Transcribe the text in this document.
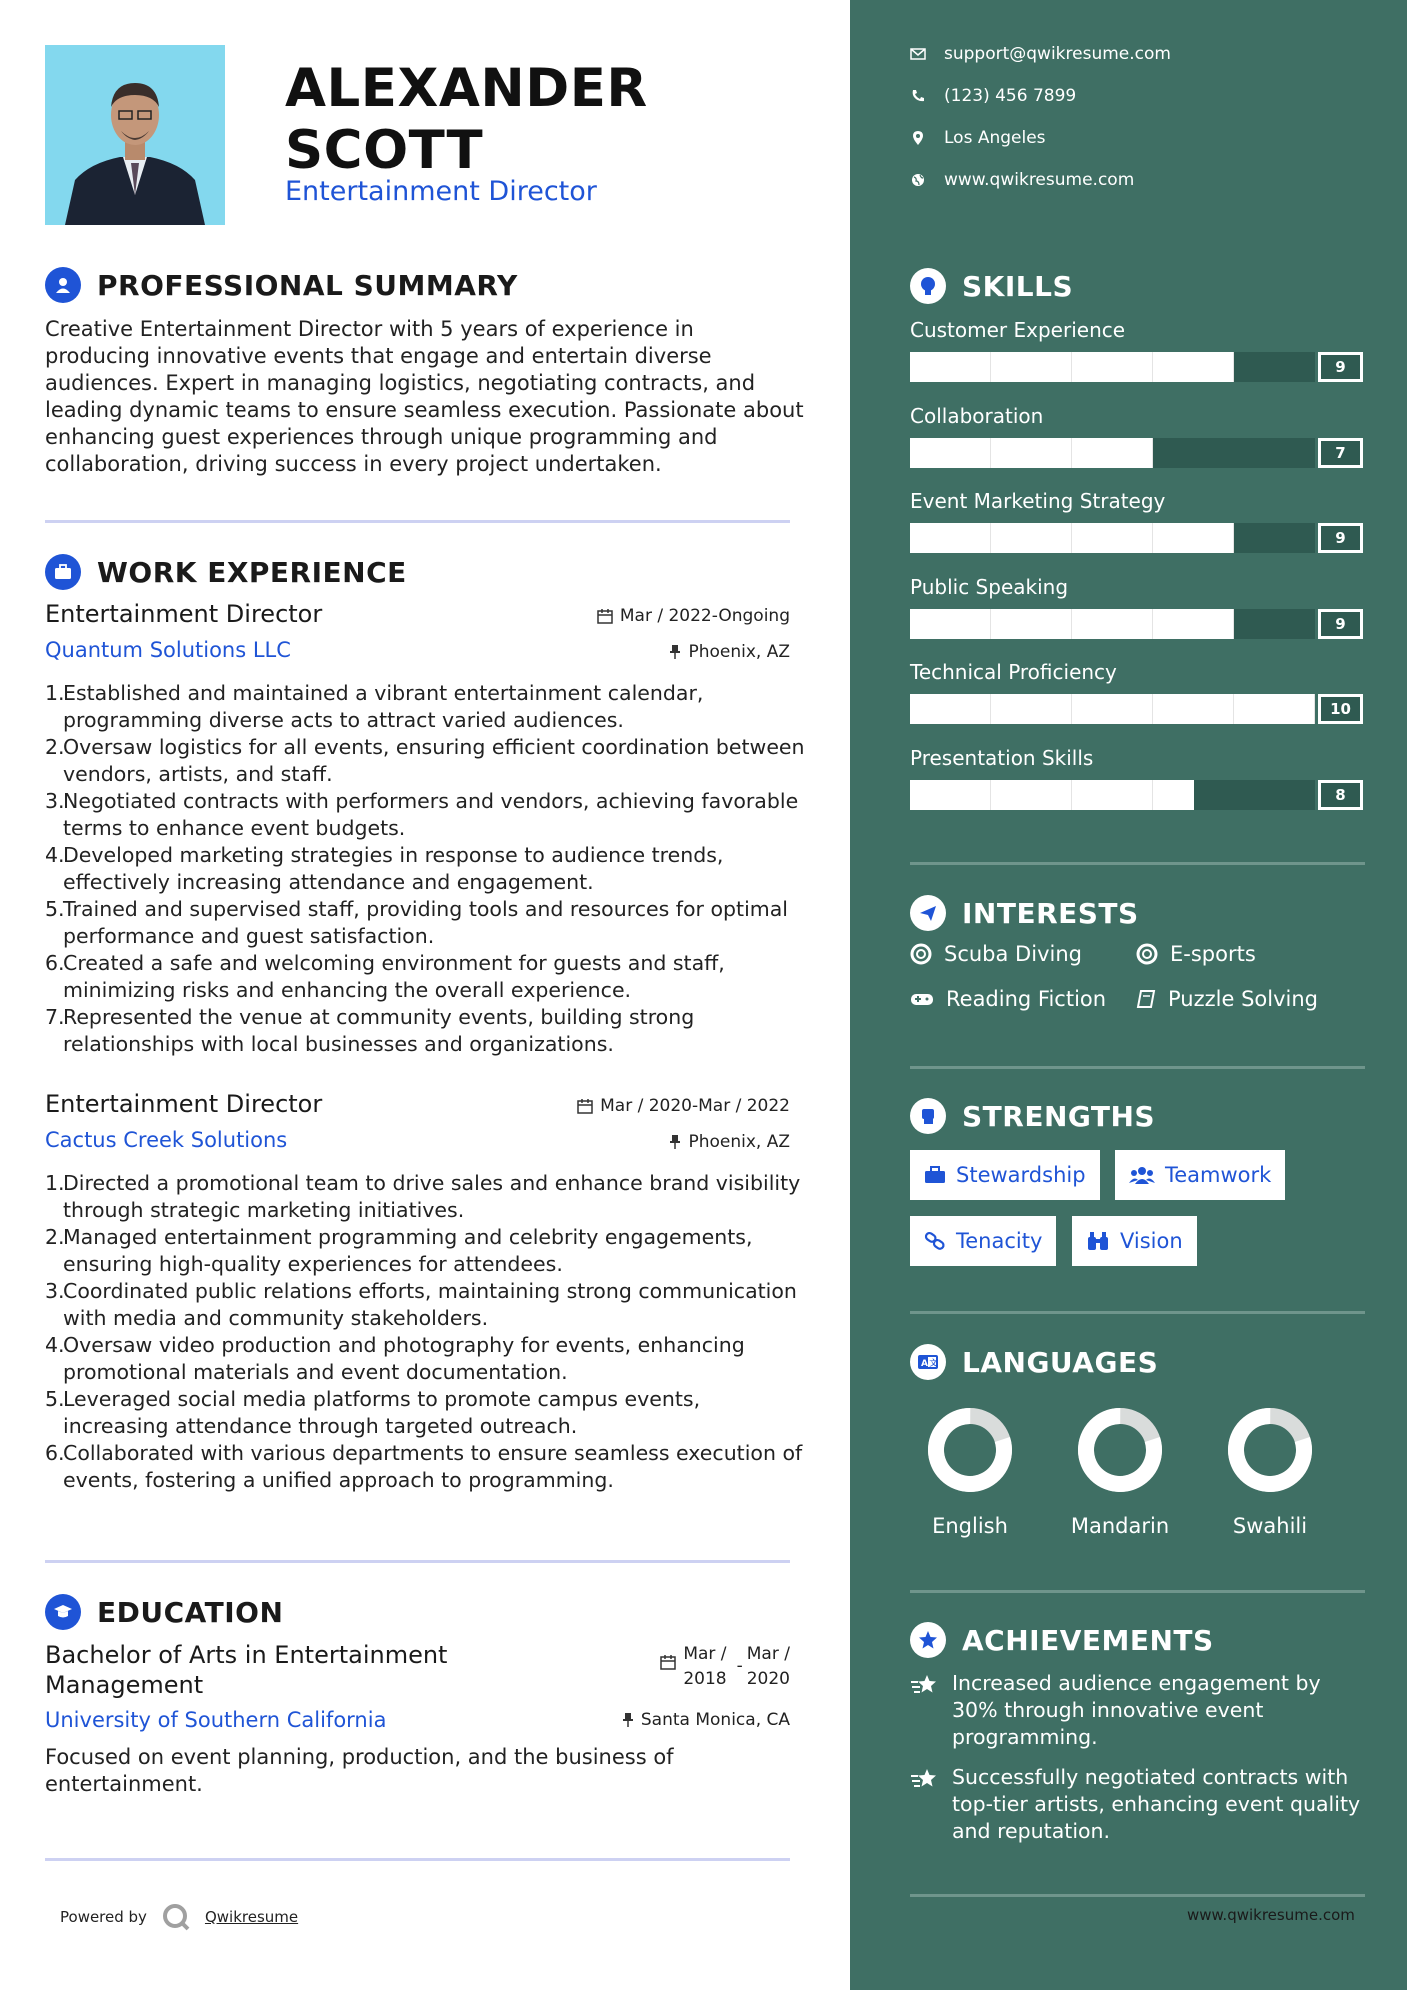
ALEXANDER
SCOTT
Entertainment Director
PROFESSIONAL SUMMARY
Creative Entertainment Director with 5 years of experience in producing innovative events that engage and entertain diverse audiences. Expert in managing logistics, negotiating contracts, and leading dynamic teams to ensure seamless execution. Passionate about enhancing guest experiences through unique programming and collaboration, driving success in every project undertaken.
WORK EXPERIENCE
Entertainment Director
Quantum Solutions LLC
Mar / 2022-Ongoing
Phoenix, AZ
1.
Established and maintained a vibrant entertainment calendar, programming diverse acts to attract varied audiences.
2.
Oversaw logistics for all events, ensuring efficient coordination between vendors, artists, and staff.
3.
Negotiated contracts with performers and vendors, achieving favorable terms to enhance event budgets.
4.
Developed marketing strategies in response to audience trends, effectively increasing attendance and engagement.
5.
Trained and supervised staff, providing tools and resources for optimal performance and guest satisfaction.
6.
Created a safe and welcoming environment for guests and staff, minimizing risks and enhancing the overall experience.
7.
Represented the venue at community events, building strong relationships with local businesses and organizations.
Entertainment Director
Cactus Creek Solutions
Mar / 2020-Mar / 2022
Phoenix, AZ
1.
Directed a promotional team to drive sales and enhance brand visibility through strategic marketing initiatives.
2.
Managed entertainment programming and celebrity engagements, ensuring high-quality experiences for attendees.
3.
Coordinated public relations efforts, maintaining strong communication with media and community stakeholders.
4.
Oversaw video production and photography for events, enhancing promotional materials and event documentation.
5.
Leveraged social media platforms to promote campus events, increasing attendance through targeted outreach.
6.
Collaborated with various departments to ensure seamless execution of events, fostering a unified approach to programming.
EDUCATION
Bachelor of Arts in Entertainment
Management
University of Southern California
Mar /
2018
-
Mar /
2020
Santa Monica, CA
Focused on event planning, production, and the business of entertainment.
Powered by	Qwikresume
support@qwikresume.com
(123) 456 7899
Los Angeles
www.qwikresume.com
SKILLS
Customer Experience
9
Collaboration
7
Event Marketing Strategy
9
Public Speaking
9
Technical Proficiency
10
Presentation Skills
8
INTERESTS
Scuba Diving	E-sports
Reading Fiction	Puzzle Solving
STRENGTHS
Stewardship	Teamwork
Tenacity	Vision
A 文 LANGUAGES
English	Mandarin	Swahili
ACHIEVEMENTS
Increased audience engagement by 30% through innovative event programming.
Successfully negotiated contracts with top-tier artists, enhancing event quality and reputation.
www.qwikresume.com
